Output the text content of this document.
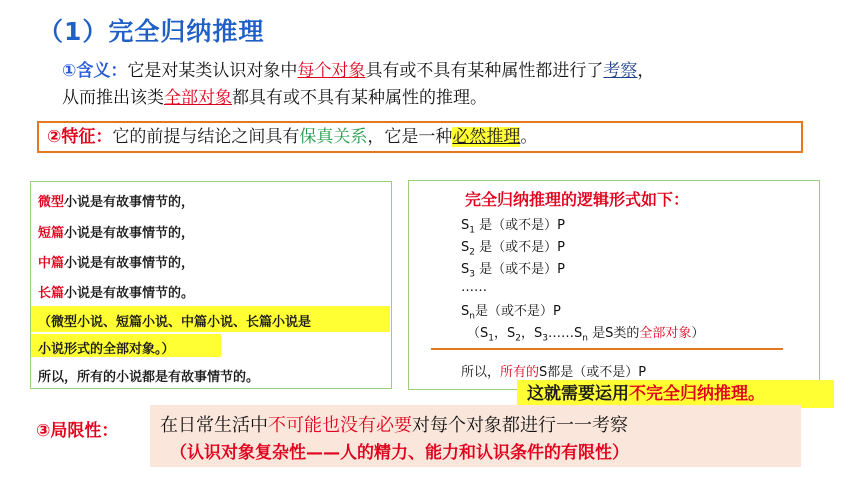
（1）完全归纳推理
①含义：它是对某类认识对象中每个对象具有或不具有某种属性都进行了考察，
从而推出该类全部对象都具有或不具有某种属性的推理。
②特征：它的前提与结论之间具有保真关系，它是一种必然推理。
微型小说是有故事情节的，
短篇小说是有故事情节的，
中篇小说是有故事情节的，
长篇小说是有故事情节的。
（微型小说、短篇小说、中篇小说、长篇小说是
小说形式的全部对象。）
所以，所有的小说都是有故事情节的。
完全归纳推理的逻辑形式如下：
$S_1$ 是（或不是）P
$S_2$ 是（或不是）P
$S_3$ 是（或不是）P
……
$S_n$是（或不是）P
（$S_1$，$S_2$，$S_3\dots\dots S_n$ 是S类的全部对象）
所以，所有的S都是（或不是）P
这就需要运用不完全归纳推理。
③局限性： 在日常生活中不可能也没有必要对每个对象都进行一一考察
（认识对象复杂性——人的精力、能力和认识条件的有限性）
